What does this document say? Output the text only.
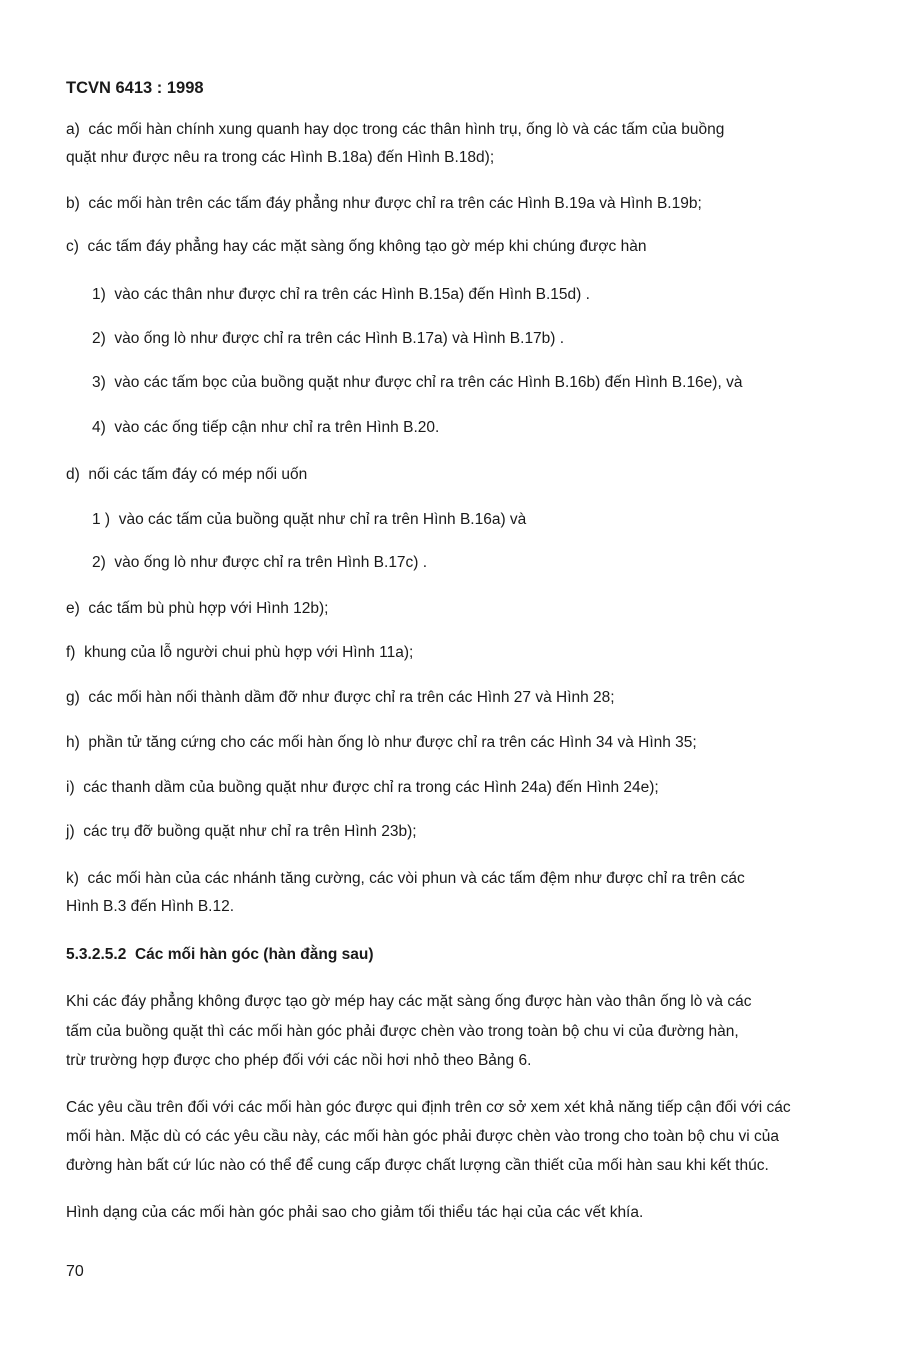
TCVN 6413 : 1998
a) các mối hàn chính xung quanh hay dọc trong các thân hình trụ, ống lò và các tấm của buồng
quặt như được nêu ra trong các Hình B.18a) đến Hình B.18d);
b) các mối hàn trên các tấm đáy phẳng như được chỉ ra trên các Hình B.19a và Hình B.19b;
c) các tấm đáy phẳng hay các mặt sàng ống không tạo gờ mép khi chúng được hàn
1) vào các thân như được chỉ ra trên các Hình B.15a) đến Hình B.15d) .
2) vào ống lò như được chỉ ra trên các Hình B.17a) và Hình B.17b) .
3) vào các tấm bọc của buồng quặt như được chỉ ra trên các Hình B.16b) đến Hình B.16e), và
4) vào các ống tiếp cận như chỉ ra trên Hình B.20.
d) nối các tấm đáy có mép nối uốn
1 ) vào các tấm của buồng quặt như chỉ ra trên Hình B.16a) và
2) vào ống lò như được chỉ ra trên Hình B.17c) .
e) các tấm bù phù hợp với Hình 12b);
f) khung của lỗ người chui phù hợp với Hình 11a);
g) các mối hàn nối thành dầm đỡ như được chỉ ra trên các Hình 27 và Hình 28;
h) phần tử tăng cứng cho các mối hàn ống lò như được chỉ ra trên các Hình 34 và Hình 35;
i) các thanh dầm của buồng quặt như được chỉ ra trong các Hình 24a) đến Hình 24e);
j) các trụ đỡ buồng quặt như chỉ ra trên Hình 23b);
k) các mối hàn của các nhánh tăng cường, các vòi phun và các tấm đệm như được chỉ ra trên các
Hình B.3 đến Hình B.12.
5.3.2.5.2 Các mối hàn góc (hàn đằng sau)
Khi các đáy phẳng không được tạo gờ mép hay các mặt sàng ống được hàn vào thân ống lò và các
tấm của buồng quặt thì các mối hàn góc phải được chèn vào trong toàn bộ chu vi của đường hàn,
trừ trường hợp được cho phép đối với các nồi hơi nhỏ theo Bảng 6.
Các yêu cầu trên đối với các mối hàn góc được qui định trên cơ sở xem xét khả năng tiếp cận đối với các
mối hàn. Mặc dù có các yêu cầu này, các mối hàn góc phải được chèn vào trong cho toàn bộ chu vi của
đường hàn bất cứ lúc nào có thể để cung cấp được chất lượng cần thiết của mối hàn sau khi kết thúc.
Hình dạng của các mối hàn góc phải sao cho giảm tối thiểu tác hại của các vết khía.
70
